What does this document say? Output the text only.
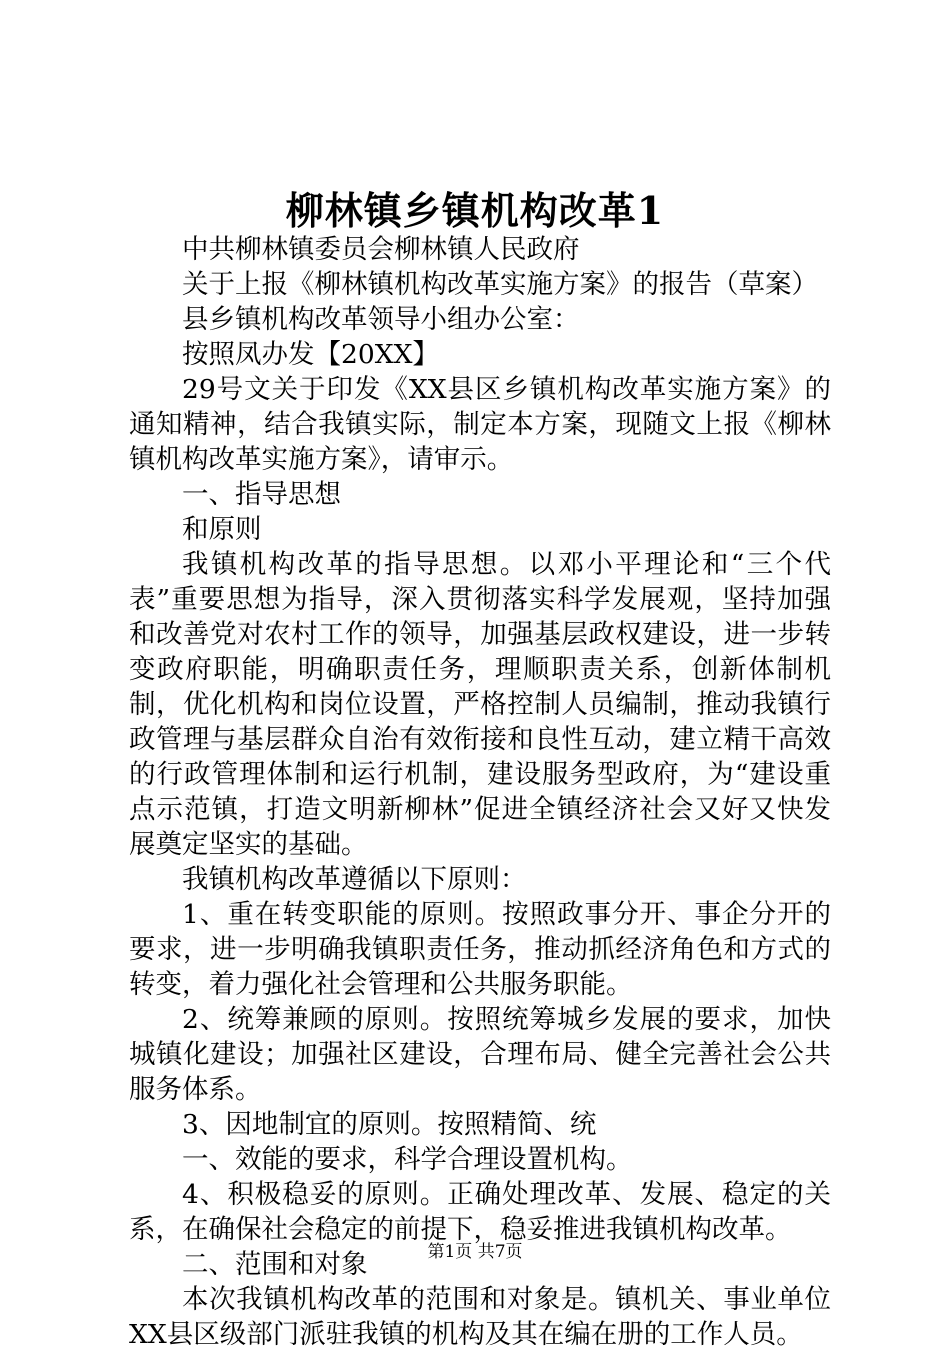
柳林镇乡镇机构改革1

中共柳林镇委员会柳林镇人民政府

关于上报《柳林镇机构改革实施方案》的报告（草案）

县乡镇机构改革领导小组办公室：

按照凤办发【20XX】

29号文关于印发《XX县区乡镇机构改革实施方案》的通知精神，结合我镇实际，制定本方案，现随文上报《柳林镇机构改革实施方案》，请审示。

一、指导思想

和原则

我镇机构改革的指导思想。以邓小平理论和“三个代表”重要思想为指导，深入贯彻落实科学发展观，坚持加强和改善党对农村工作的领导，加强基层政权建设，进一步转变政府职能，明确职责任务，理顺职责关系，创新体制机制，优化机构和岗位设置，严格控制人员编制，推动我镇行政管理与基层群众自治有效衔接和良性互动，建立精干高效的行政管理体制和运行机制，建设服务型政府，为“建设重点示范镇，打造文明新柳林”促进全镇经济社会又好又快发展奠定坚实的基础。

我镇机构改革遵循以下原则：

1、重在转变职能的原则。按照政事分开、事企分开的要求，进一步明确我镇职责任务，推动抓经济角色和方式的转变，着力强化社会管理和公共服务职能。

2、统筹兼顾的原则。按照统筹城乡发展的要求，加快城镇化建设；加强社区建设，合理布局、健全完善社会公共服务体系。

3、因地制宜的原则。按照精简、统

一、效能的要求，科学合理设置机构。

4、积极稳妥的原则。正确处理改革、发展、稳定的关系，在确保社会稳定的前提下，稳妥推进我镇机构改革。

二、范围和对象

本次我镇机构改革的范围和对象是。镇机关、事业单位XX县区级部门派驻我镇的机构及其在编在册的工作人员。

第1页 共7页
